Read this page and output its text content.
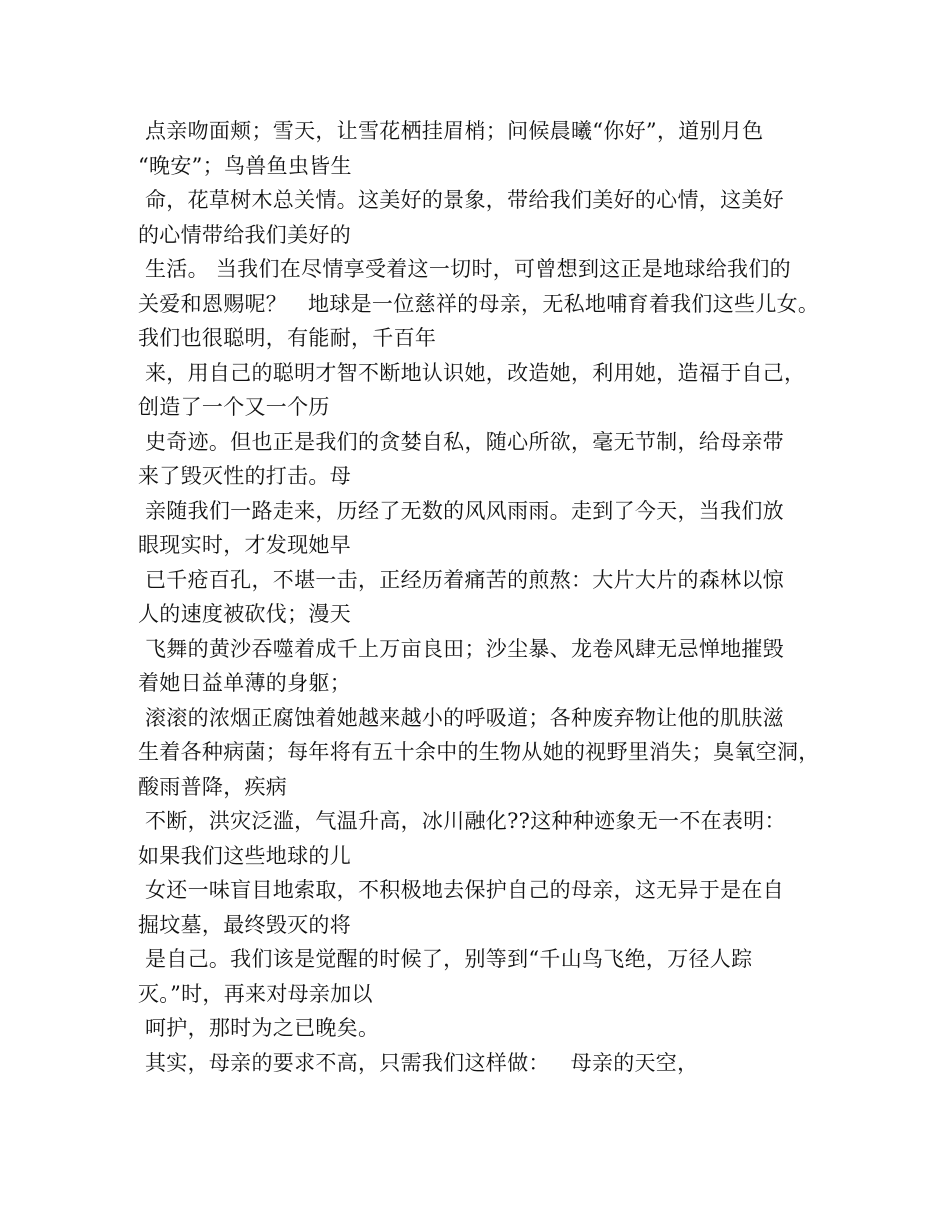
点亲吻面颊；雪天，让雪花栖挂眉梢；问候晨曦“你好”，道别月色
“晚安”；鸟兽鱼虫皆生
命，花草树木总关情。这美好的景象，带给我们美好的心情，这美好
的心情带给我们美好的
生活。 当我们在尽情享受着这一切时，可曾想到这正是地球给我们的
关爱和恩赐呢？   地球是一位慈祥的母亲，无私地哺育着我们这些儿女。
我们也很聪明，有能耐，千百年
来，用自己的聪明才智不断地认识她，改造她，利用她，造福于自己，
创造了一个又一个历
史奇迹。但也正是我们的贪婪自私，随心所欲，毫无节制，给母亲带
来了毁灭性的打击。母
亲随我们一路走来，历经了无数的风风雨雨。走到了今天，当我们放
眼现实时，才发现她早
已千疮百孔，不堪一击，正经历着痛苦的煎熬：大片大片的森林以惊
人的速度被砍伐；漫天
飞舞的黄沙吞噬着成千上万亩良田；沙尘暴、龙卷风肆无忌惮地摧毁
着她日益单薄的身躯；
滚滚的浓烟正腐蚀着她越来越小的呼吸道；各种废弃物让他的肌肤滋
生着各种病菌；每年将有五十余中的生物从她的视野里消失；臭氧空洞，
酸雨普降，疾病
不断，洪灾泛滥，气温升高，冰川融化??这种种迹象无一不在表明：
如果我们这些地球的儿
女还一味盲目地索取，不积极地去保护自己的母亲，这无异于是在自
掘坟墓，最终毁灭的将
是自己。我们该是觉醒的时候了，别等到“千山鸟飞绝，万径人踪
灭。”时，再来对母亲加以
呵护，那时为之已晚矣。
其实，母亲的要求不高，只需我们这样做：   母亲的天空，
